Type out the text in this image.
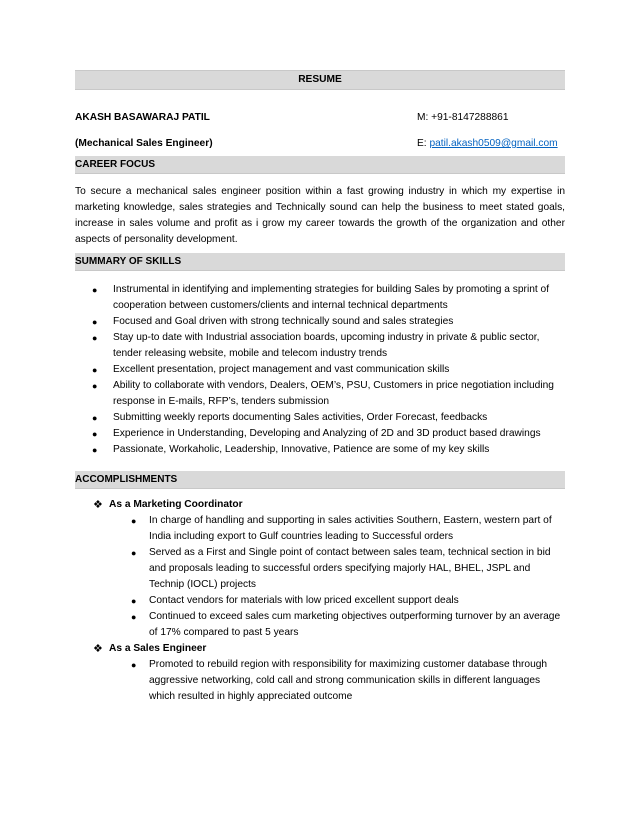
RESUME
AKASH BASAWARAJ PATIL	M: +91-8147288861
(Mechanical Sales Engineer)	E: patil.akash0509@gmail.com
CAREER FOCUS

To secure a mechanical sales engineer position within a fast growing industry in which my expertise in marketing knowledge, sales strategies and Technically sound can help the business to meet stated goals, increase in sales volume and profit as i grow my career towards the growth of the organization and other aspects of personality development.

SUMMARY OF SKILLS
● Instrumental in identifying and implementing strategies for building Sales by promoting a sprint of cooperation between customers/clients and internal technical departments
● Focused and Goal driven with strong technically sound and sales strategies
● Stay up-to date with Industrial association boards, upcoming industry in private & public sector, tender releasing website, mobile and telecom industry trends
● Excellent presentation, project management and vast communication skills
● Ability to collaborate with vendors, Dealers, OEM’s, PSU, Customers in price negotiation including response in E-mails, RFP’s, tenders submission
● Submitting weekly reports documenting Sales activities, Order Forecast, feedbacks
● Experience in Understanding, Developing and Analyzing of 2D and 3D product based drawings
● Passionate, Workaholic, Leadership, Innovative, Patience are some of my key skills
ACCOMPLISHMENTS
❖ As a Marketing Coordinator
● In charge of handling and supporting in sales activities Southern, Eastern, western part of India including export to Gulf countries leading to Successful orders
● Served as a First and Single point of contact between sales team, technical section in bid and proposals leading to successful orders specifying majorly HAL, BHEL, JSPL and Technip (IOCL) projects
● Contact vendors for materials with low priced excellent support deals
● Continued to exceed sales cum marketing objectives outperforming turnover by an average of 17% compared to past 5 years
❖ As a Sales Engineer
● Promoted to rebuild region with responsibility for maximizing customer database through aggressive networking, cold call and strong communication skills in different languages which resulted in highly appreciated outcome
